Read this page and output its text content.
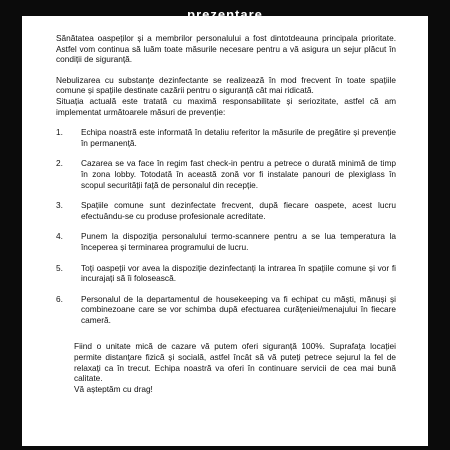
Sănătatea oaspeților și a membrilor personalului a fost dintotdeauna principala prioritate. Astfel vom continua să luăm toate măsurile necesare pentru a vă asigura un sejur plăcut în condiții de siguranță.

Nebulizarea cu substanțe dezinfectante se realizează în mod frecvent în toate spațiile comune și spațiile destinate cazării pentru o siguranță cât mai ridicată.

Situația actuală este tratată cu maximă responsabilitate și seriozitate, astfel că am implementat următoarele măsuri de prevenție:

1.	Echipa noastră este informată în detaliu referitor la măsurile de pregătire și prevenție în permanență.
2.	Cazarea se va face în regim fast check-in pentru a petrece o durată minimă de timp în zona lobby. Totodată în această zonă vor fi instalate panouri de plexiglass în scopul securității față de personalul din recepție.
3.	Spațiile comune sunt dezinfectate frecvent, după fiecare oaspete, acest lucru efectuându-se cu produse profesionale acreditate.
4.	Punem la dispoziția personalului termo-scannere pentru a se lua temperatura la începerea și terminarea programului de lucru.
5.	Toți oaspeții vor avea la dispoziție dezinfectanți la intrarea în spațiile comune și vor fi incurajați să îi folosească.
6.	Personalul de la departamentul de housekeeping va fi echipat cu măști, mănuși și combinezoane care se vor schimba după efectuarea curățeniei/menajului în fiecare cameră.

Fiind o unitate mică de cazare vă putem oferi siguranță 100%. Suprafața locației permite distanțare fizică și socială, astfel încât să vă puteți petrece sejurul la fel de relaxați ca în trecut. Echipa noastră va oferi în continuare servicii de cea mai bună calitate.

Vă așteptăm cu drag!

prezentare
